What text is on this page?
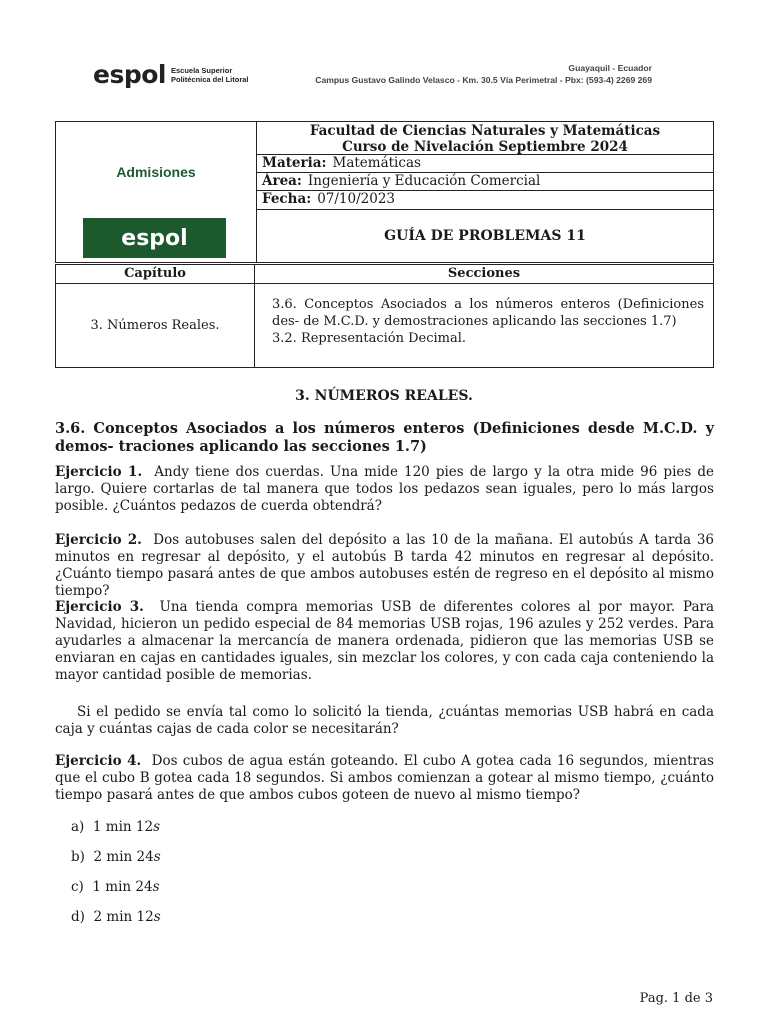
espol Escuela Superior
Politécnica del Litoral
Guayaquil - Ecuador
Campus Gustavo Galindo Velasco - Km. 30.5 Vía Perimetral - Pbx: (593-4) 2269 269
Admisiones
espol
Facultad de Ciencias Naturales y Matemáticas
Curso de Nivelación Septiembre 2024
Materia: Matemáticas
Área: Ingeniería y Educación Comercial
Fecha: 07/10/2023
GUÍA DE PROBLEMAS 11
Capítulo	Secciones
3. Números Reales.
3.6. Conceptos Asociados a los números enteros (Definiciones des- de M.C.D. y demostraciones aplicando las secciones 1.7)
3.2. Representación Decimal.
3. NÚMEROS REALES.
3.6. Conceptos Asociados a los números enteros (Definiciones desde M.C.D. y demos- traciones aplicando las secciones 1.7)
Ejercicio 1. Andy tiene dos cuerdas. Una mide 120 pies de largo y la otra mide 96 pies de largo. Quiere cortarlas de tal manera que todos los pedazos sean iguales, pero lo más largos posible. ¿Cuántos pedazos de cuerda obtendrá?
Ejercicio 2. Dos autobuses salen del depósito a las 10 de la mañana. El autobús A tarda 36 minutos en regresar al depósito, y el autobús B tarda 42 minutos en regresar al depósito. ¿Cuánto tiempo pasará antes de que ambos autobuses estén de regreso en el depósito al mismo tiempo?
Ejercicio 3. Una tienda compra memorias USB de diferentes colores al por mayor. Para Navidad, hicieron un pedido especial de 84 memorias USB rojas, 196 azules y 252 verdes. Para ayudarles a almacenar la mercancía de manera ordenada, pidieron que las memorias USB se enviaran en cajas en cantidades iguales, sin mezclar los colores, y con cada caja conteniendo la mayor cantidad posible de memorias.
Si el pedido se envía tal como lo solicitó la tienda, ¿cuántas memorias USB habrá en cada caja y cuántas cajas de cada color se necesitarán?
Ejercicio 4. Dos cubos de agua están goteando. El cubo A gotea cada 16 segundos, mientras que el cubo B gotea cada 18 segundos. Si ambos comienzan a gotear al mismo tiempo, ¿cuánto tiempo pasará antes de que ambos cubos goteen de nuevo al mismo tiempo?
a) 1 min 12s
b) 2 min 24s
c) 1 min 24s
d) 2 min 12s
Pag. 1 de 3
